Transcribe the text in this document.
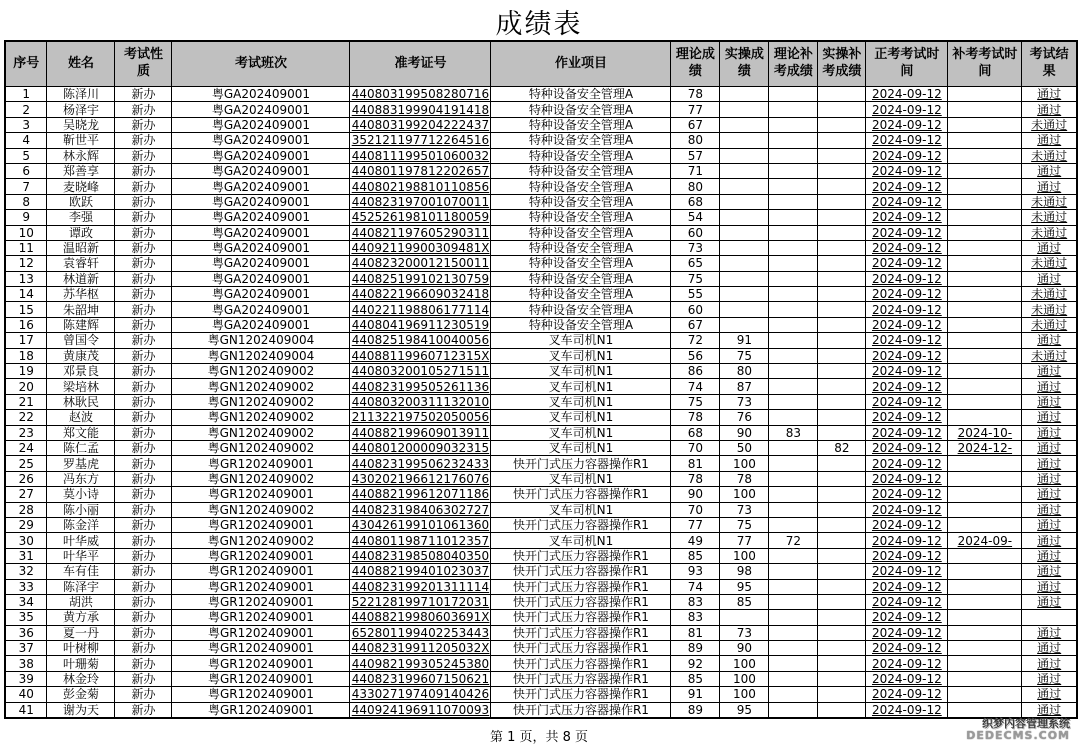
成绩表
序号	姓名	考试性质	考试班次	准考证号	作业项目	理论成绩	实操成绩	理论补考成绩	实操补考成绩	正考考试时间	补考考试时间	考试结果
1	陈泽川	新办	粤GA202409001	440803199508280716	特种设备安全管理A	78				2024-09-12		通过
2	杨泽宇	新办	粤GA202409001	440883199904191418	特种设备安全管理A	77				2024-09-12		通过
3	吴晓龙	新办	粤GA202409001	440803199204222437	特种设备安全管理A	67				2024-09-12		未通过
4	靳世平	新办	粤GA202409001	352121197712264516	特种设备安全管理A	80				2024-09-12		通过
5	林永辉	新办	粤GA202409001	440811199501060032	特种设备安全管理A	57				2024-09-12		未通过
6	郑善享	新办	粤GA202409001	440801197812202657	特种设备安全管理A	71				2024-09-12		通过
7	麦晓峰	新办	粤GA202409001	440802198810110856	特种设备安全管理A	80				2024-09-12		通过
8	欧跃	新办	粤GA202409001	440823197001070011	特种设备安全管理A	68				2024-09-12		未通过
9	李强	新办	粤GA202409001	452526198101180059	特种设备安全管理A	54				2024-09-12		未通过
10	谭政	新办	粤GA202409001	440821197605290311	特种设备安全管理A	60				2024-09-12		未通过
11	温昭新	新办	粤GA202409001	44092119900309481X	特种设备安全管理A	73				2024-09-12		通过
12	袁睿轩	新办	粤GA202409001	440823200012150011	特种设备安全管理A	65				2024-09-12		未通过
13	林道新	新办	粤GA202409001	440825199102130759	特种设备安全管理A	75				2024-09-12		通过
14	苏华枢	新办	粤GA202409001	440822196609032418	特种设备安全管理A	55				2024-09-12		未通过
15	朱韶坤	新办	粤GA202409001	440221198806177114	特种设备安全管理A	60				2024-09-12		未通过
16	陈建辉	新办	粤GA202409001	440804196911230519	特种设备安全管理A	67				2024-09-12		未通过
17	曾国令	新办	粤GN1202409004	440825198410040056	叉车司机N1	72	91			2024-09-12		通过
18	黄康茂	新办	粤GN1202409004	44088119960712315X	叉车司机N1	56	75			2024-09-12		未通过
19	邓景良	新办	粤GN1202409002	440803200105271511	叉车司机N1	86	80			2024-09-12		通过
20	梁培林	新办	粤GN1202409002	440823199505261136	叉车司机N1	74	87			2024-09-12		通过
21	林耿民	新办	粤GN1202409002	440803200311132010	叉车司机N1	75	73			2024-09-12		通过
22	赵波	新办	粤GN1202409002	211322197502050056	叉车司机N1	78	76			2024-09-12		通过
23	郑文能	新办	粤GN1202409002	440882199609013911	叉车司机N1	68	90	83		2024-09-12	2024-10-	通过
24	陈仁孟	新办	粤GN1202409002	440801200009032315	叉车司机N1	70	50		82	2024-09-12	2024-12-	通过
25	罗基虎	新办	粤GR1202409001	440823199506232433	快开门式压力容器操作R1	81	100			2024-09-12		通过
26	冯东方	新办	粤GN1202409002	430202196612176076	叉车司机N1	78	78			2024-09-12		通过
27	莫小诗	新办	粤GR1202409001	440882199612071186	快开门式压力容器操作R1	90	100			2024-09-12		通过
28	陈小丽	新办	粤GN1202409002	440823198406302727	叉车司机N1	70	73			2024-09-12		通过
29	陈金洋	新办	粤GR1202409001	430426199101061360	快开门式压力容器操作R1	77	75			2024-09-12		通过
30	叶华威	新办	粤GN1202409002	440801198711012357	叉车司机N1	49	77	72		2024-09-12	2024-09-	通过
31	叶华平	新办	粤GR1202409001	440823198508040350	快开门式压力容器操作R1	85	100			2024-09-12		通过
32	车有佳	新办	粤GR1202409001	440882199401023037	快开门式压力容器操作R1	93	98			2024-09-12		通过
33	陈泽宇	新办	粤GR1202409001	440823199201311114	快开门式压力容器操作R1	74	95			2024-09-12		通过
34	胡洪	新办	粤GR1202409001	522128199710172031	快开门式压力容器操作R1	83	85			2024-09-12		通过
35	黄方承	新办	粤GR1202409001	44088219980603691X	快开门式压力容器操作R1	83				2024-09-12		
36	夏一丹	新办	粤GR1202409001	652801199402253443	快开门式压力容器操作R1	81	73			2024-09-12		通过
37	叶树柳	新办	粤GR1202409001	44082319911205032X	快开门式压力容器操作R1	89	90			2024-09-12		通过
38	叶珊菊	新办	粤GR1202409001	440982199305245380	快开门式压力容器操作R1	92	100			2024-09-12		通过
39	林金玲	新办	粤GR1202409001	440823199607150621	快开门式压力容器操作R1	85	100			2024-09-12		通过
40	彭金菊	新办	粤GR1202409001	433027197409140426	快开门式压力容器操作R1	91	100			2024-09-12		通过
41	谢为天	新办	粤GR1202409001	440924196911070093	快开门式压力容器操作R1	89	95			2024-09-12		通过
第 1 页，共 8 页
织梦内容管理系统
DEDECMS.COM
